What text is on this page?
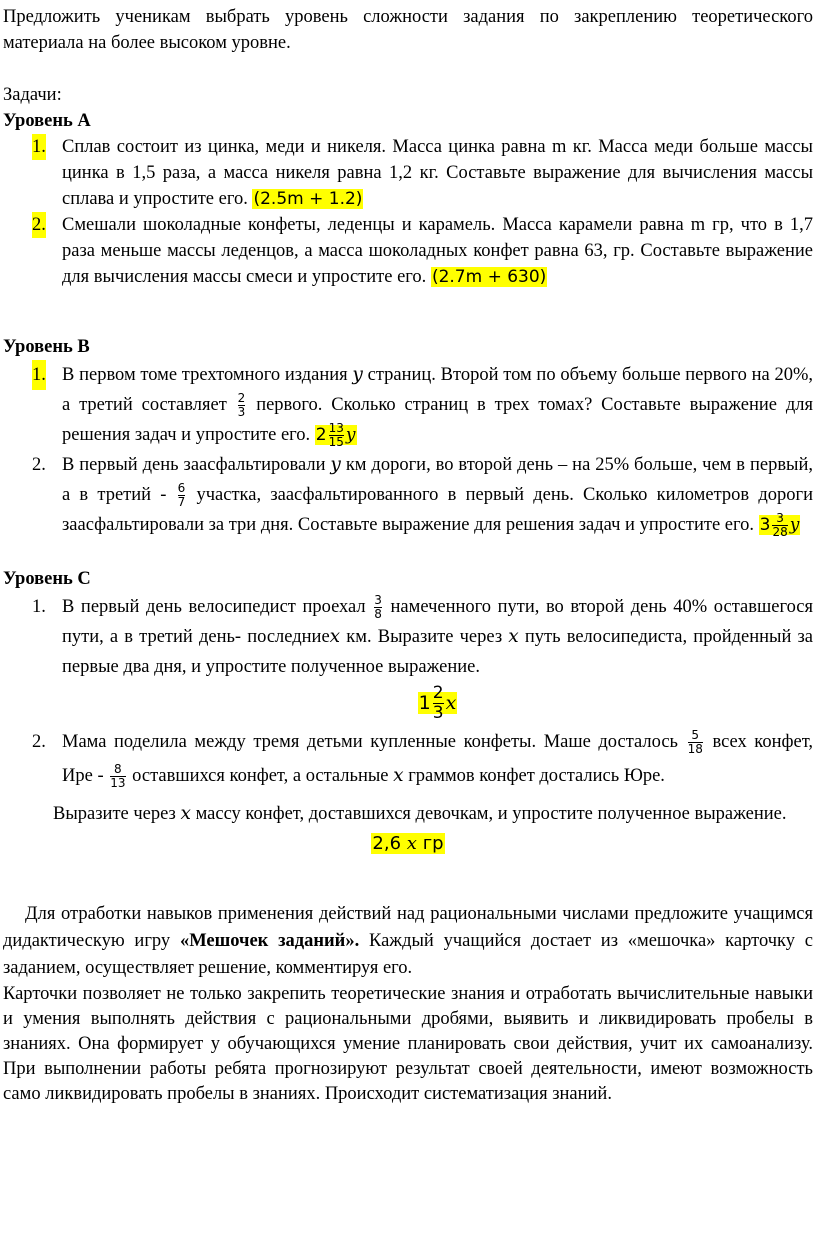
Предложить ученикам выбрать уровень сложности задания по закреплению теоретического материала на более высоком уровне.

Задачи:

Уровень А

1. Сплав состоит из цинка, меди и никеля. Масса цинка равна m кг. Масса меди больше массы цинка в 1,5 раза, а масса никеля равна 1,2 кг. Составьте выражение для вычисления массы сплава и упростите его. (2.5m + 1.2)
2. Смешали шоколадные конфеты, леденцы и карамель. Масса карамели равна m гр, что в 1,7 раза меньше массы леденцов, а масса шоколадных конфет равна 63, гр. Составьте выражение для вычисления массы смеси и упростите его. (2.7m + 630)

Уровень В

1. В первом томе трехтомного издания y страниц. Второй том по объему больше первого на 20%, а третий составляет $\frac{2}{3}$ первого. Сколько страниц в трех томах? Составьте выражение для решения задач и упростите его. $2 \frac{13}{15}$ y
2. В первый день заасфальтировали y км дороги, во второй день – на 25% больше, чем в первый, а в третий - $\frac{6}{7}$ участка, заасфальтированного в первый день. Сколько километров дороги заасфальтировали за три дня. Составьте выражение для решения задач и упростите его. $3 \frac{3}{28}$ y

Уровень С

1. В первый день велосипедист проехал $\frac{3}{8}$ намеченного пути, во второй день 40% оставшегося пути, а в третий день- последниеx км. Выразите через x путь велосипедиста, пройденный за первые два дня, и упростите полученное выражение.
$1 \frac{2}{3}$ x
2. Мама поделила между тремя детьми купленные конфеты. Маше досталось $\frac{5}{18}$ всех конфет, Ире - $\frac{8}{13}$ оставшихся конфет, а остальные x граммов конфет достались Юре.

Выразите через x массу конфет, доставшихся девочкам, и упростите полученное выражение.

2,6 x гр

Для отработки навыков применения действий над рациональными числами предложите учащимся дидактическую игру «Мешочек заданий». Каждый учащийся достает из «мешочка» карточку с заданием, осуществляет решение, комментируя его.

Карточки позволяет не только закрепить теоретические знания и отработать вычислительные навыки и умения выполнять действия с рациональными дробями, выявить и ликвидировать пробелы в знаниях. Она формирует у обучающихся умение планировать свои действия, учит их самоанализу. При выполнении работы ребята прогнозируют результат своей деятельности, имеют возможность само ликвидировать пробелы в знаниях. Происходит систематизация знаний.
